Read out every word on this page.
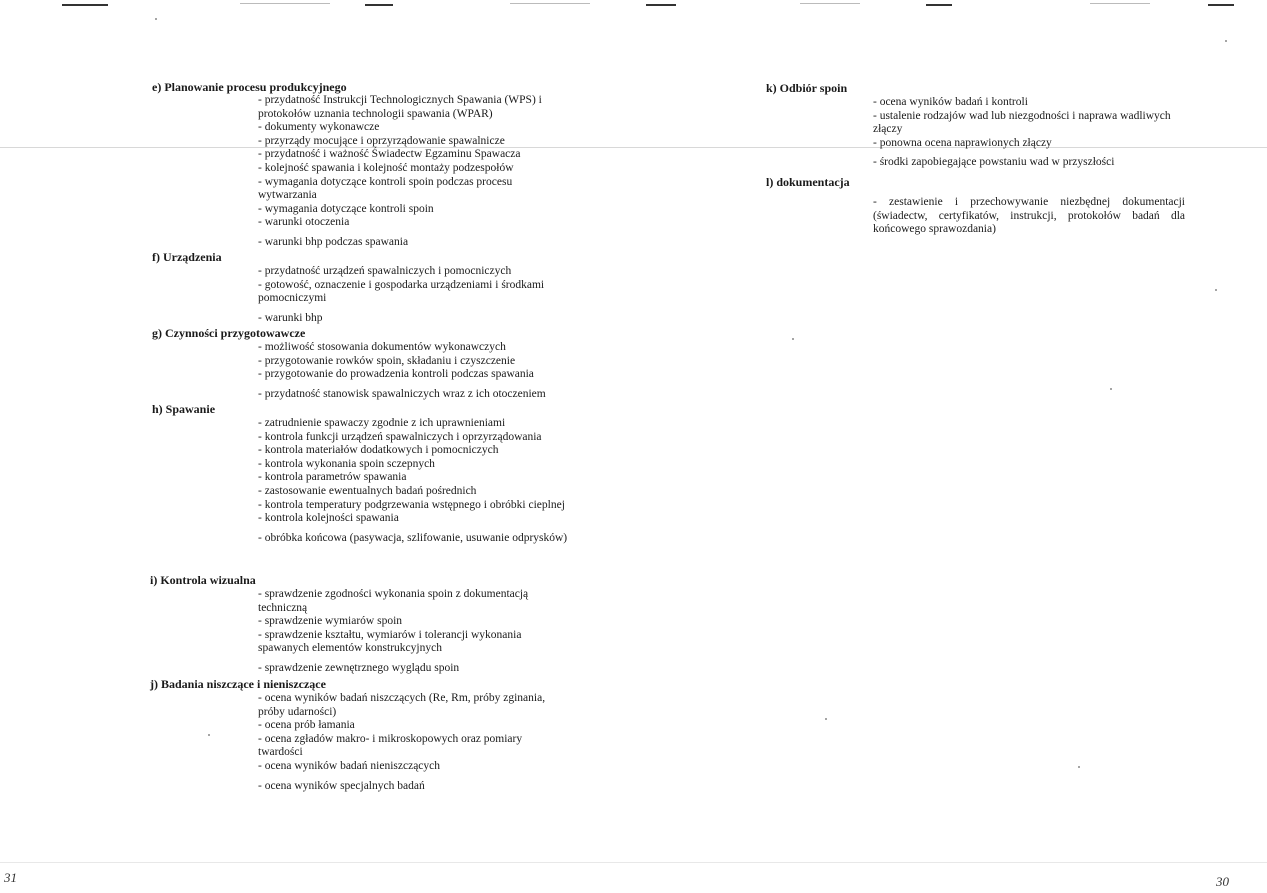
e) Planowanie procesu produkcyjnego

- przydatność Instrukcji Technologicznych Spawania (WPS) i protokołów uznania technologii spawania (WPAR)

- dokumenty wykonawcze

- przyrządy mocujące i oprzyrządowanie spawalnicze

- przydatność i ważność Świadectw Egzaminu Spawacza

- kolejność spawania i kolejność montaży podzespołów

- wymagania dotyczące kontroli spoin podczas procesu wytwarzania

- wymagania dotyczące kontroli spoin

- warunki otoczenia

- warunki bhp podczas spawania

f) Urządzenia

- przydatność urządzeń spawalniczych i pomocniczych

- gotowość, oznaczenie i gospodarka urządzeniami i środkami pomocniczymi

- warunki bhp

g) Czynności przygotowawcze

- możliwość stosowania dokumentów wykonawczych

- przygotowanie rowków spoin, składaniu i czyszczenie

- przygotowanie do prowadzenia kontroli podczas spawania

- przydatność stanowisk spawalniczych wraz z ich otoczeniem

h) Spawanie

- zatrudnienie spawaczy zgodnie z ich uprawnieniami

- kontrola funkcji urządzeń spawalniczych i oprzyrządowania

- kontrola materiałów dodatkowych i pomocniczych

- kontrola wykonania spoin sczepnych

- kontrola parametrów spawania

- zastosowanie ewentualnych badań pośrednich

- kontrola temperatury podgrzewania wstępnego i obróbki cieplnej

- kontrola kolejności spawania

- obróbka końcowa (pasywacja, szlifowanie, usuwanie odprysków)

i) Kontrola wizualna

- sprawdzenie zgodności wykonania spoin z dokumentacją techniczną

- sprawdzenie wymiarów spoin

- sprawdzenie kształtu, wymiarów i tolerancji wykonania spawanych elementów konstrukcyjnych

- sprawdzenie zewnętrznego wyglądu spoin

j) Badania niszczące i nieniszczące

- ocena wyników badań niszczących (Re, Rm, próby zginania, próby udarności)

- ocena prób łamania

- ocena zgładów makro- i mikroskopowych oraz pomiary twardości

- ocena wyników badań nieniszczących

- ocena wyników specjalnych badań

k) Odbiór spoin

- ocena wyników badań i kontroli

- ustalenie rodzajów wad lub niezgodności i naprawa wadliwych złączy

- ponowna ocena naprawionych złączy

- środki zapobiegające powstaniu wad w przyszłości

l) dokumentacja

- zestawienie i przechowywanie niezbędnej dokumentacji (świadectw, certyfikatów, instrukcji, protokołów badań dla końcowego sprawozdania)

31	30
